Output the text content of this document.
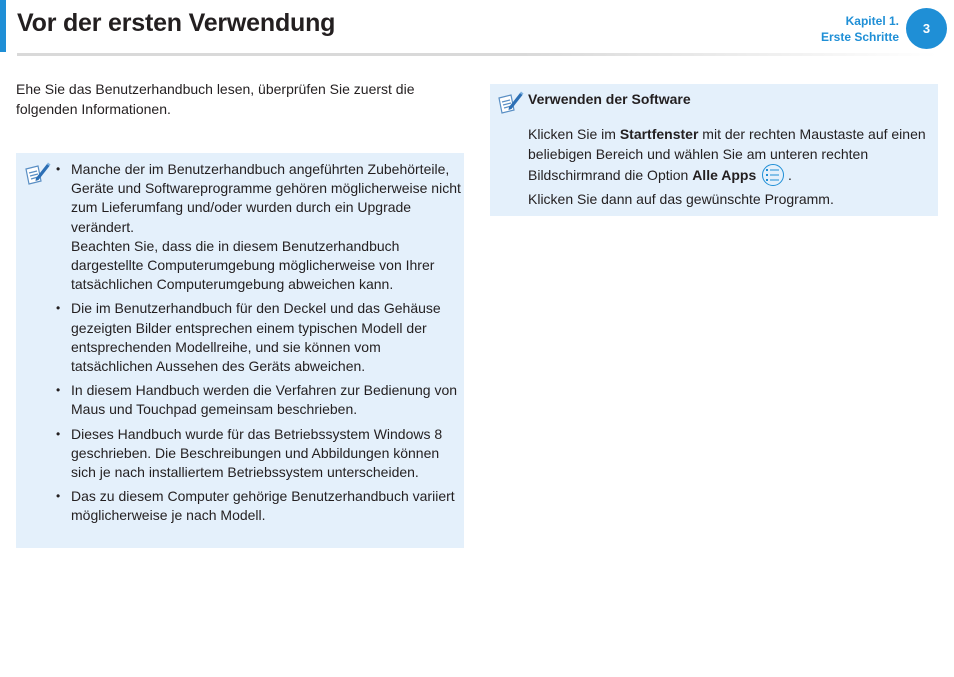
Vor der ersten Verwendung	Kapitel 1.
Erste Schritte
3

Ehe Sie das Benutzerhandbuch lesen, überprüfen Sie zuerst die folgenden Informationen.

• Manche der im Benutzerhandbuch angeführten Zubehörteile, Geräte und Softwareprogramme gehören möglicherweise nicht zum Lieferumfang und/oder wurden durch ein Upgrade verändert.
Beachten Sie, dass die in diesem Benutzerhandbuch dargestellte Computerumgebung möglicherweise von Ihrer tatsächlichen Computerumgebung abweichen kann.
• Die im Benutzerhandbuch für den Deckel und das Gehäuse gezeigten Bilder entsprechen einem typischen Modell der entsprechenden Modellreihe, und sie können vom tatsächlichen Aussehen des Geräts abweichen.
• In diesem Handbuch werden die Verfahren zur Bedienung von Maus und Touchpad gemeinsam beschrieben.
• Dieses Handbuch wurde für das Betriebssystem Windows 8 geschrieben. Die Beschreibungen und Abbildungen können sich je nach installiertem Betriebssystem unterscheiden.
• Das zu diesem Computer gehörige Benutzerhandbuch variiert möglicherweise je nach Modell.
Verwenden der Software

Klicken Sie im Startfenster mit der rechten Maustaste auf einen beliebigen Bereich und wählen Sie am unteren rechten Bildschirmrand die Option Alle Apps
.

Klicken Sie dann auf das gewünschte Programm.
